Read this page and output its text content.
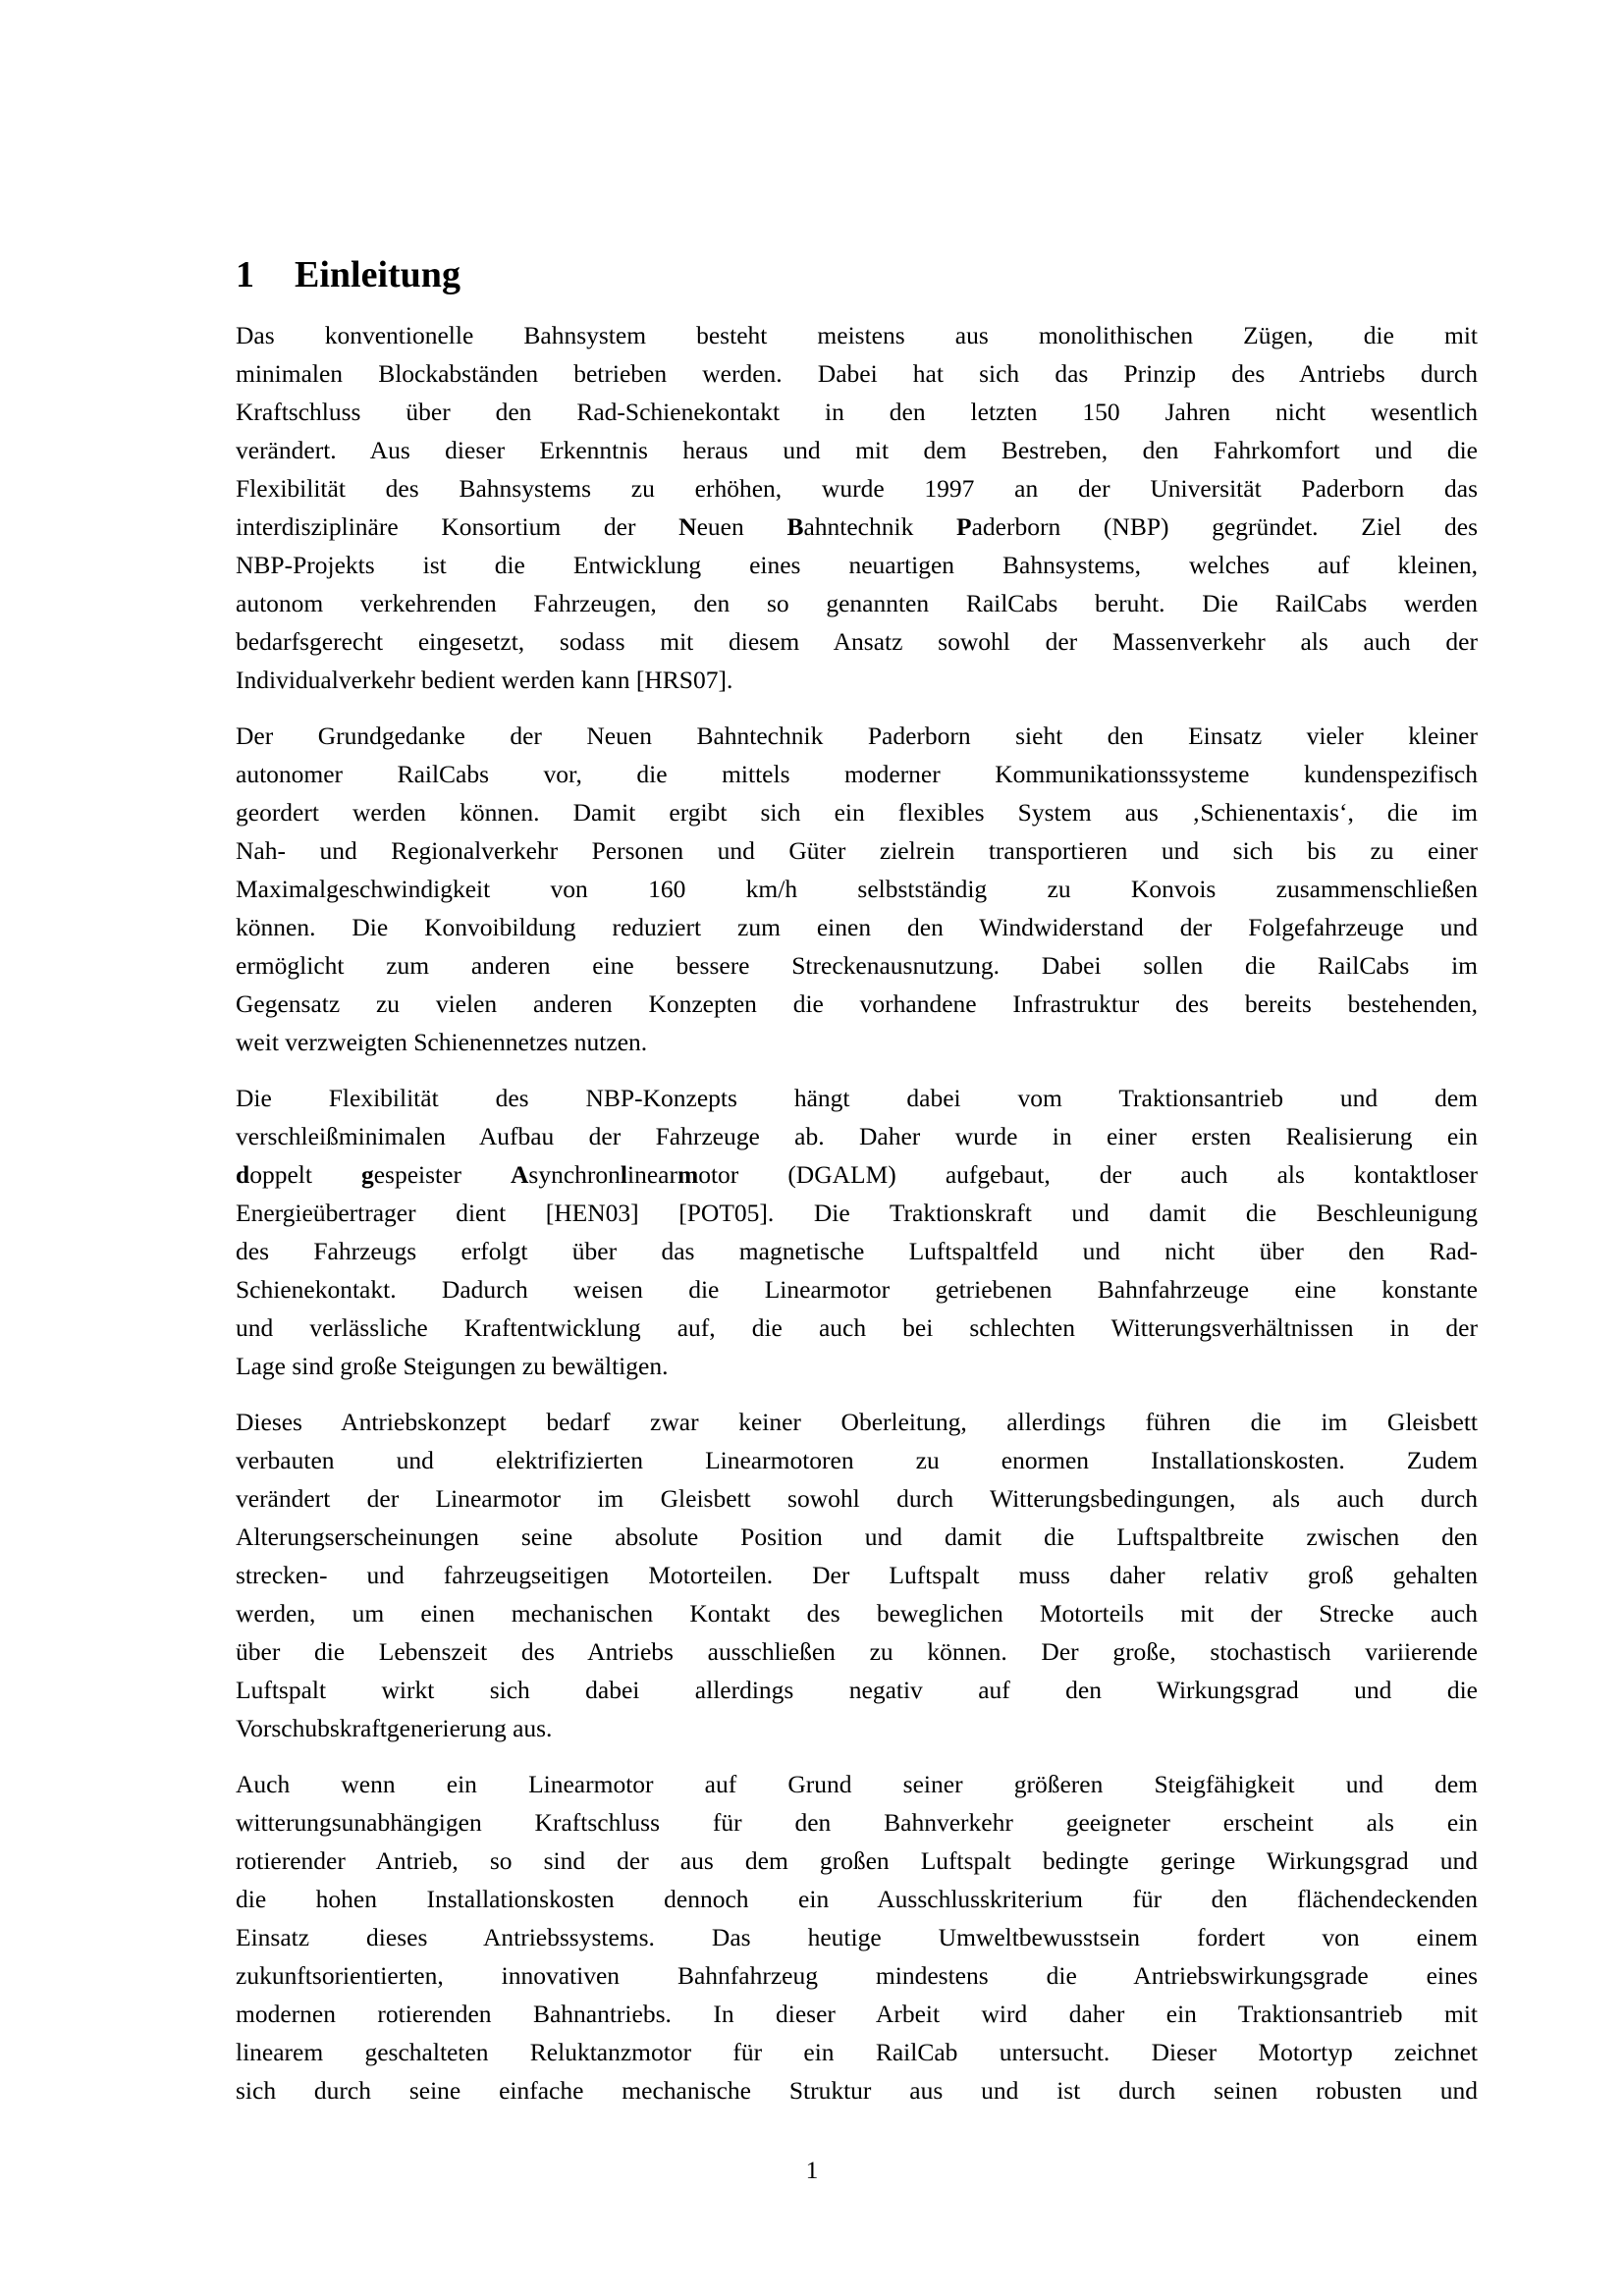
1 Einleitung
Das konventionelle Bahnsystem besteht meistens aus monolithischen Zügen, die mit
minimalen Blockabständen betrieben werden. Dabei hat sich das Prinzip des Antriebs durch
Kraftschluss über den Rad-Schienekontakt in den letzten 150 Jahren nicht wesentlich
verändert. Aus dieser Erkenntnis heraus und mit dem Bestreben, den Fahrkomfort und die
Flexibilität des Bahnsystems zu erhöhen, wurde 1997 an der Universität Paderborn das
interdisziplinäre Konsortium der Neuen Bahntechnik Paderborn (NBP) gegründet. Ziel des
NBP-Projekts ist die Entwicklung eines neuartigen Bahnsystems, welches auf kleinen,
autonom verkehrenden Fahrzeugen, den so genannten RailCabs beruht. Die RailCabs werden
bedarfsgerecht eingesetzt, sodass mit diesem Ansatz sowohl der Massenverkehr als auch der
Individualverkehr bedient werden kann [HRS07].
Der Grundgedanke der Neuen Bahntechnik Paderborn sieht den Einsatz vieler kleiner
autonomer RailCabs vor, die mittels moderner Kommunikationssysteme kundenspezifisch
geordert werden können. Damit ergibt sich ein flexibles System aus ‚Schienentaxis‘, die im
Nah- und Regionalverkehr Personen und Güter zielrein transportieren und sich bis zu einer
Maximalgeschwindigkeit von 160 km/h selbstständig zu Konvois zusammenschließen
können. Die Konvoibildung reduziert zum einen den Windwiderstand der Folgefahrzeuge und
ermöglicht zum anderen eine bessere Streckenausnutzung. Dabei sollen die RailCabs im
Gegensatz zu vielen anderen Konzepten die vorhandene Infrastruktur des bereits bestehenden,
weit verzweigten Schienennetzes nutzen.
Die Flexibilität des NBP-Konzepts hängt dabei vom Traktionsantrieb und dem
verschleißminimalen Aufbau der Fahrzeuge ab. Daher wurde in einer ersten Realisierung ein
doppelt gespeister Asynchronlinearmotor (DGALM) aufgebaut, der auch als kontaktloser
Energieübertrager dient [HEN03] [POT05]. Die Traktionskraft und damit die Beschleunigung
des Fahrzeugs erfolgt über das magnetische Luftspaltfeld und nicht über den Rad-
Schienekontakt. Dadurch weisen die Linearmotor getriebenen Bahnfahrzeuge eine konstante
und verlässliche Kraftentwicklung auf, die auch bei schlechten Witterungsverhältnissen in der
Lage sind große Steigungen zu bewältigen.
Dieses Antriebskonzept bedarf zwar keiner Oberleitung, allerdings führen die im Gleisbett
verbauten und elektrifizierten Linearmotoren zu enormen Installationskosten. Zudem
verändert der Linearmotor im Gleisbett sowohl durch Witterungsbedingungen, als auch durch
Alterungserscheinungen seine absolute Position und damit die Luftspaltbreite zwischen den
strecken- und fahrzeugseitigen Motorteilen. Der Luftspalt muss daher relativ groß gehalten
werden, um einen mechanischen Kontakt des beweglichen Motorteils mit der Strecke auch
über die Lebenszeit des Antriebs ausschließen zu können. Der große, stochastisch variierende
Luftspalt wirkt sich dabei allerdings negativ auf den Wirkungsgrad und die
Vorschubskraftgenerierung aus.
Auch wenn ein Linearmotor auf Grund seiner größeren Steigfähigkeit und dem
witterungsunabhängigen Kraftschluss für den Bahnverkehr geeigneter erscheint als ein
rotierender Antrieb, so sind der aus dem großen Luftspalt bedingte geringe Wirkungsgrad und
die hohen Installationskosten dennoch ein Ausschlusskriterium für den flächendeckenden
Einsatz dieses Antriebssystems. Das heutige Umweltbewusstsein fordert von einem
zukunftsorientierten, innovativen Bahnfahrzeug mindestens die Antriebswirkungsgrade eines
modernen rotierenden Bahnantriebs. In dieser Arbeit wird daher ein Traktionsantrieb mit
linearem geschalteten Reluktanzmotor für ein RailCab untersucht. Dieser Motortyp zeichnet
sich durch seine einfache mechanische Struktur aus und ist durch seinen robusten und
1
